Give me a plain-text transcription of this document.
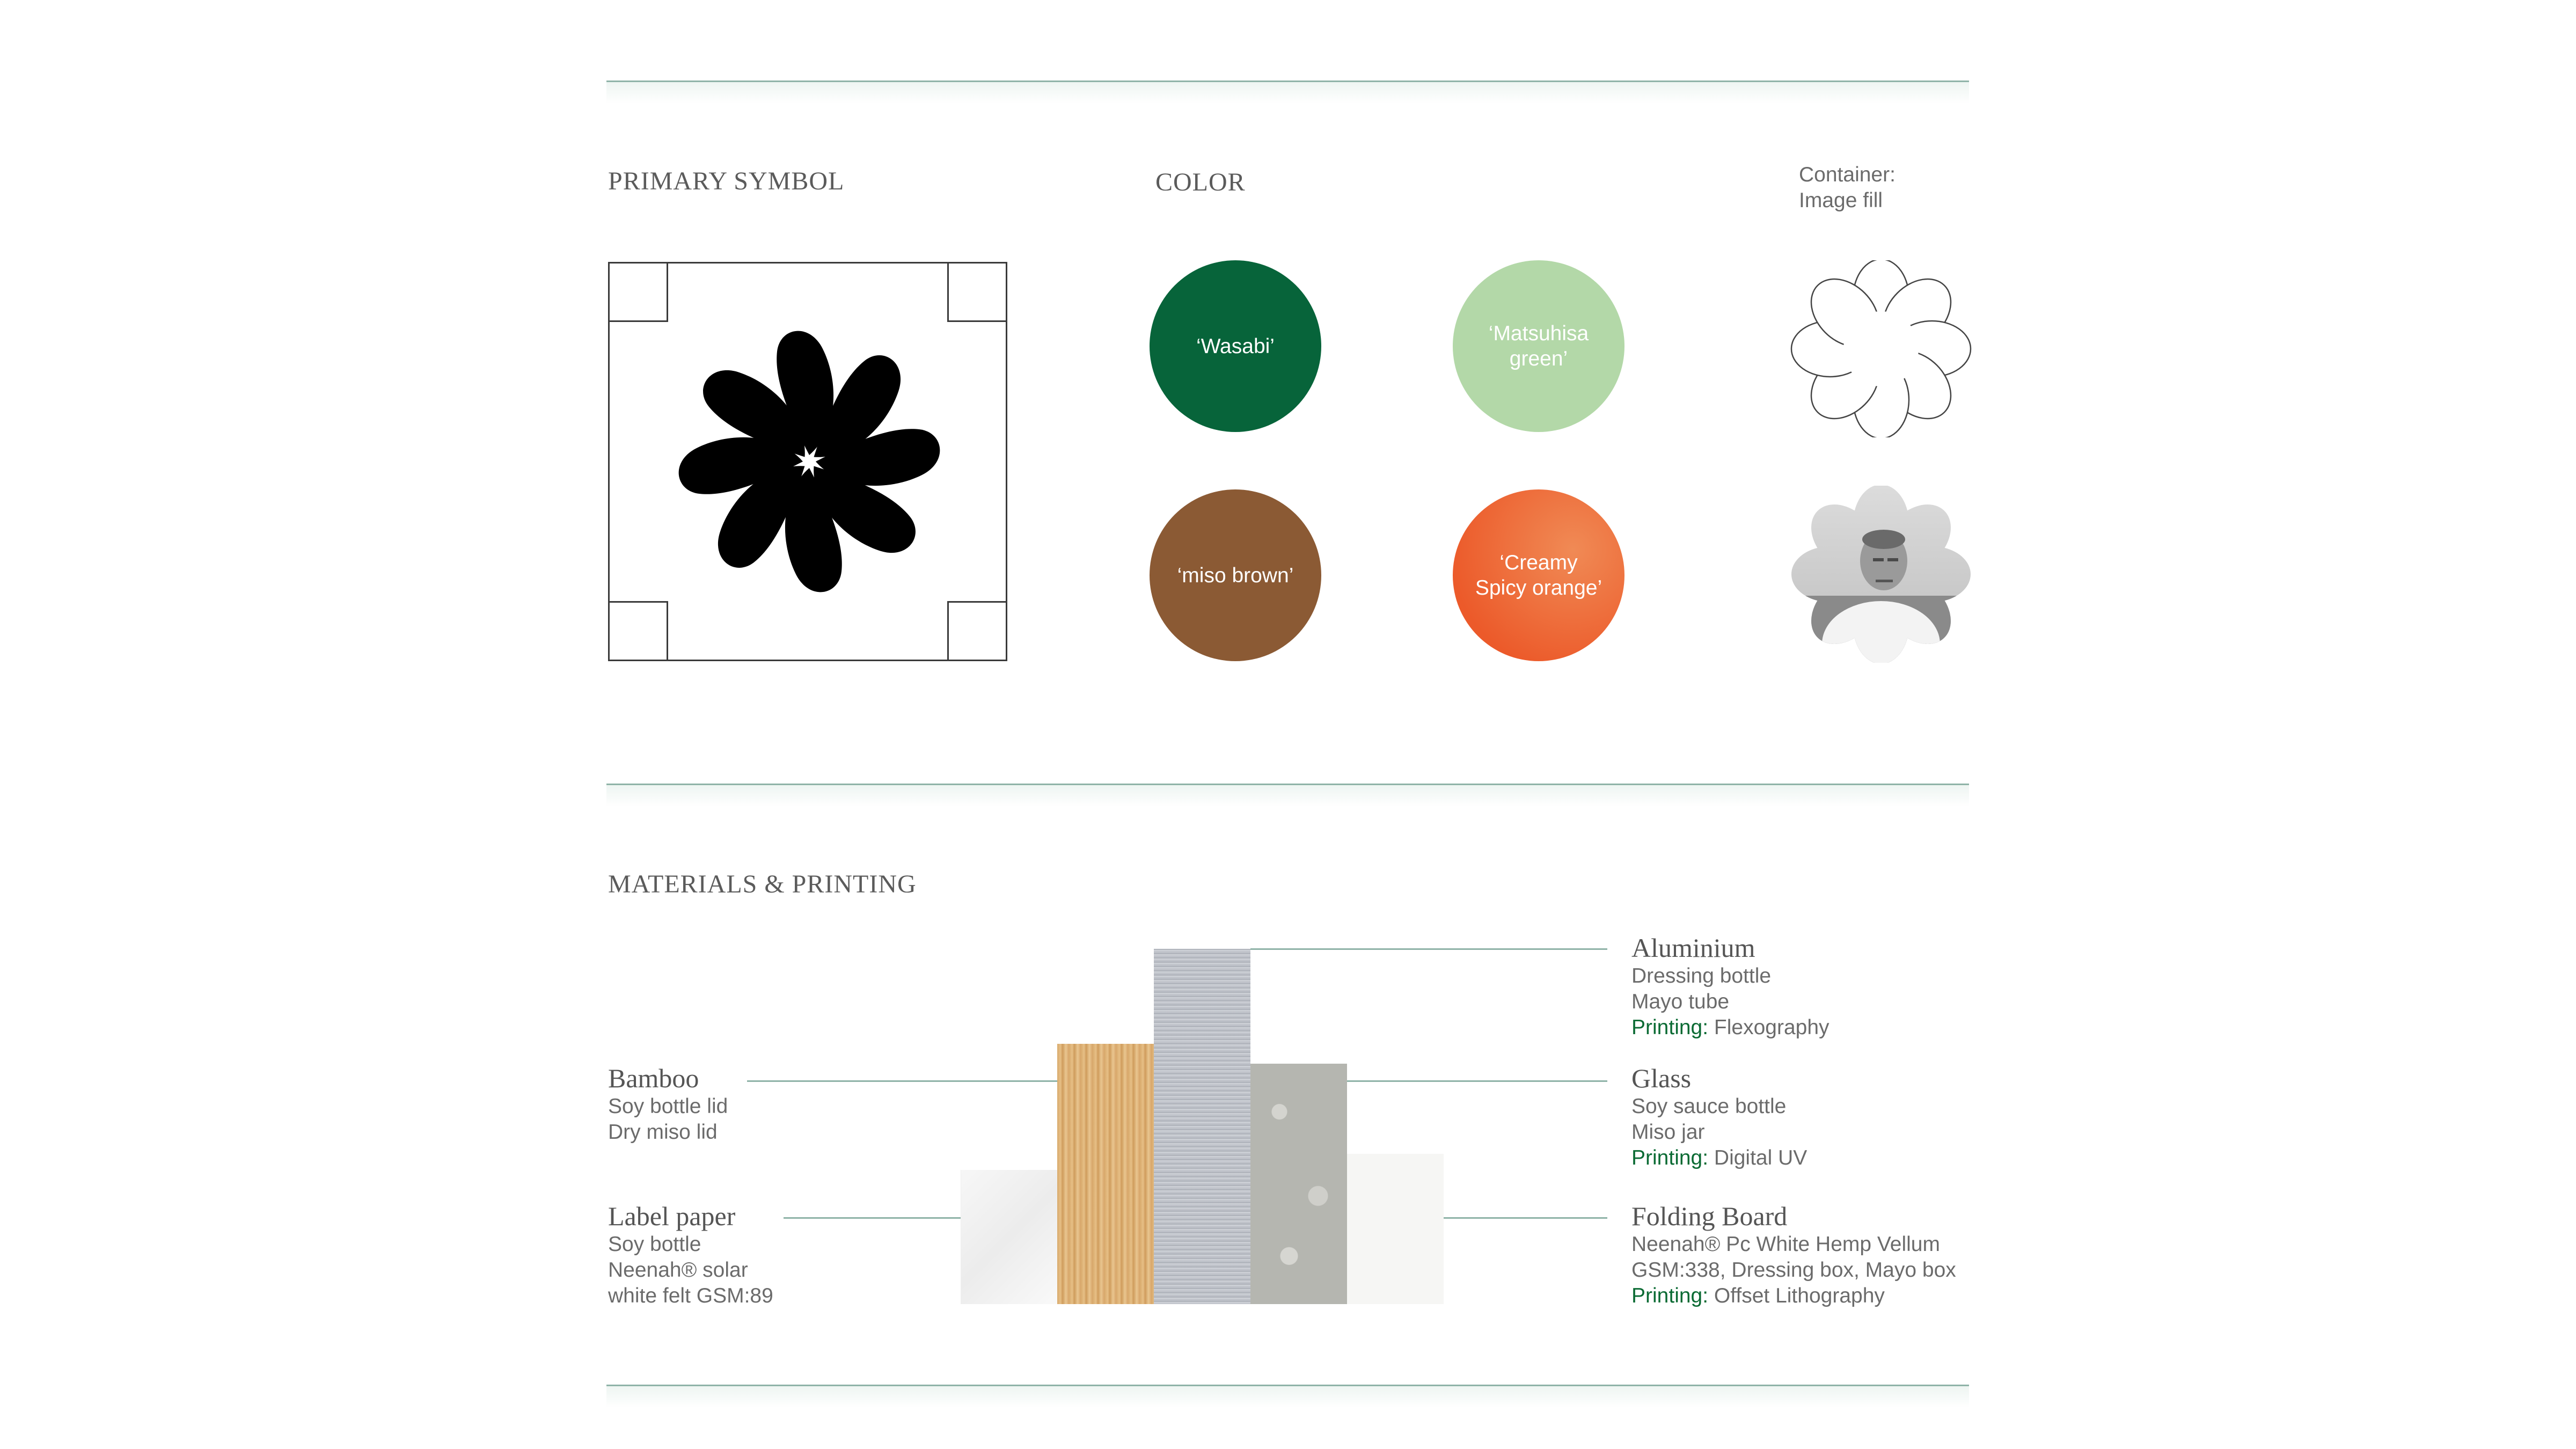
PRIMARY SYMBOL	COLOR	Container:
Image fill
‘Wasabi’
‘Matsuhisa
green’
‘miso brown’
‘Creamy
Spicy orange’
MATERIALS & PRINTING
Aluminium
Dressing bottle
Mayo tube
Printing: Flexography
Glass
Soy sauce bottle
Miso jar
Printing: Digital UV
Folding Board
Neenah® Pc White Hemp Vellum
GSM:338, Dressing box, Mayo box
Printing: Offset Lithography
Bamboo
Soy bottle lid
Dry miso lid
Label paper
Soy bottle
Neenah® solar
white felt GSM:89
